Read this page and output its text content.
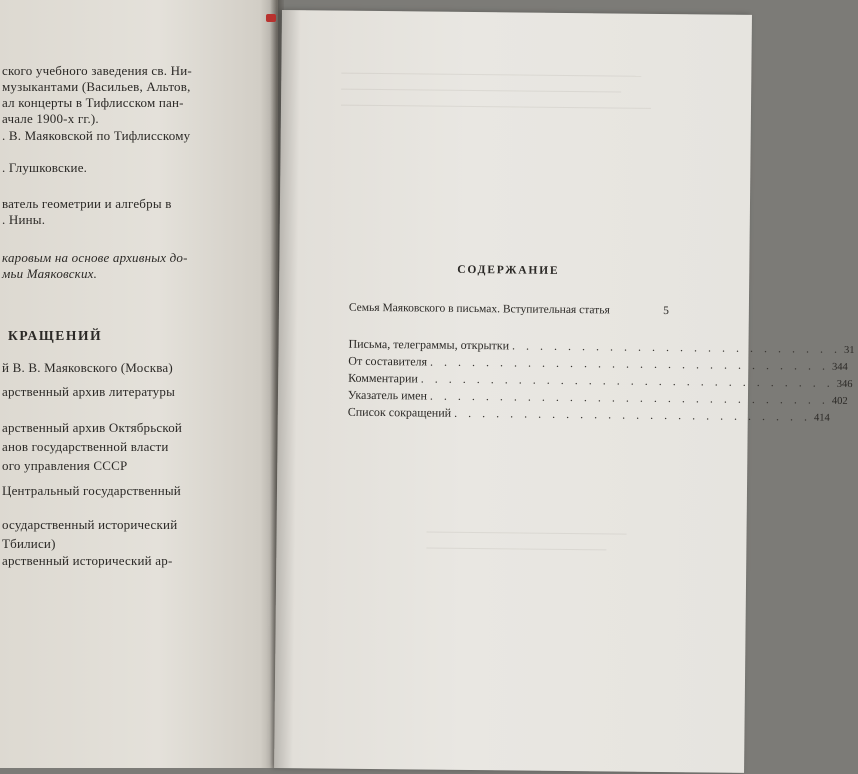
ского учебного заведения св. Ни-
музыкантами (Васильев, Альтов,
ал концерты в Тифлисском пан-
ачале 1900-х гг.).
. В. Маяковской по Тифлисскому
. Глушковские.
ватель геометрии и алгебры в
. Нины.
каровым на основе архивных до-
мьи Маяковских.
КРАЩЕНИЙ
й В. В. Маяковского (Москва)
арственный архив литературы
арственный архив Октябрьской
анов государственной власти
ого управления СССР
Центральный государственный
осударственный исторический
Тбилиси)
арственный исторический ар-
СОДЕРЖАНИЕ
Семья Маяковского в письмах. Вступительная статья	5
Письма, телеграммы, открытки . . . . . . . . . . . . . . . . . . . . . . . . 31
От составителя . . . . . . . . . . . . . . . . . . . . . . . . . . . . . 344
Комментарии . . . . . . . . . . . . . . . . . . . . . . . . . . . . . . 346
Указатель имен . . . . . . . . . . . . . . . . . . . . . . . . . . . . . 402
Список сокращений . . . . . . . . . . . . . . . . . . . . . . . . . . 414
